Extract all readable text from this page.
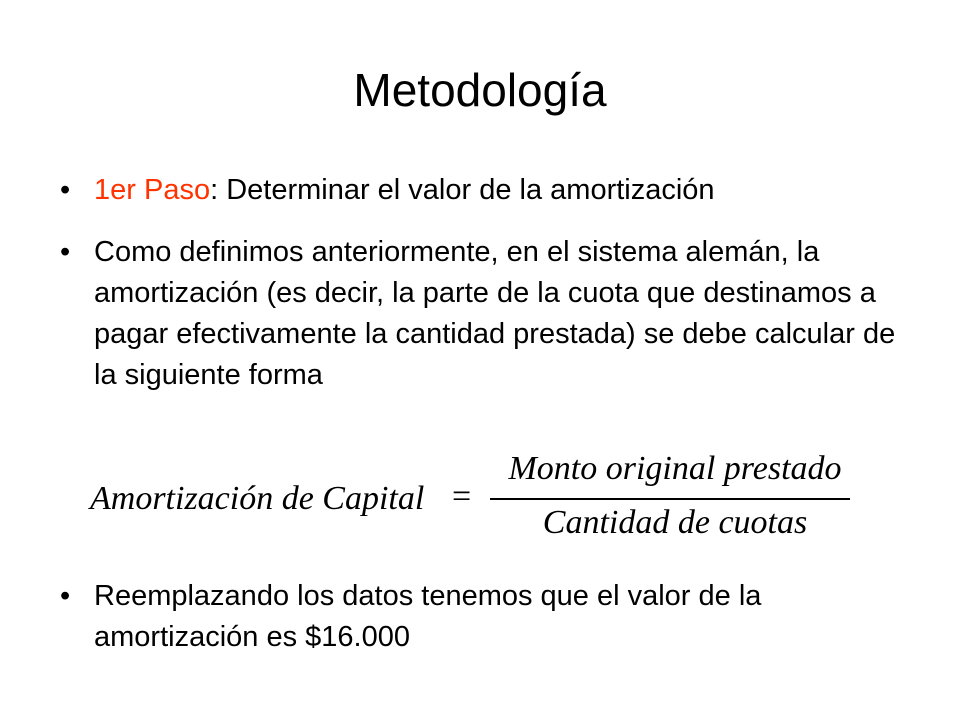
Metodología
• 1er Paso: Determinar el valor de la amortización
• Como definimos anteriormente, en el sistema alemán, la amortización (es decir, la parte de la cuota que destinamos a pagar efectivamente la cantidad prestada) se debe calcular de la siguiente forma
Amortización de Capital =
Monto original prestado
Cantidad de cuotas
• Reemplazando los datos tenemos que el valor de la amortización es $16.000
